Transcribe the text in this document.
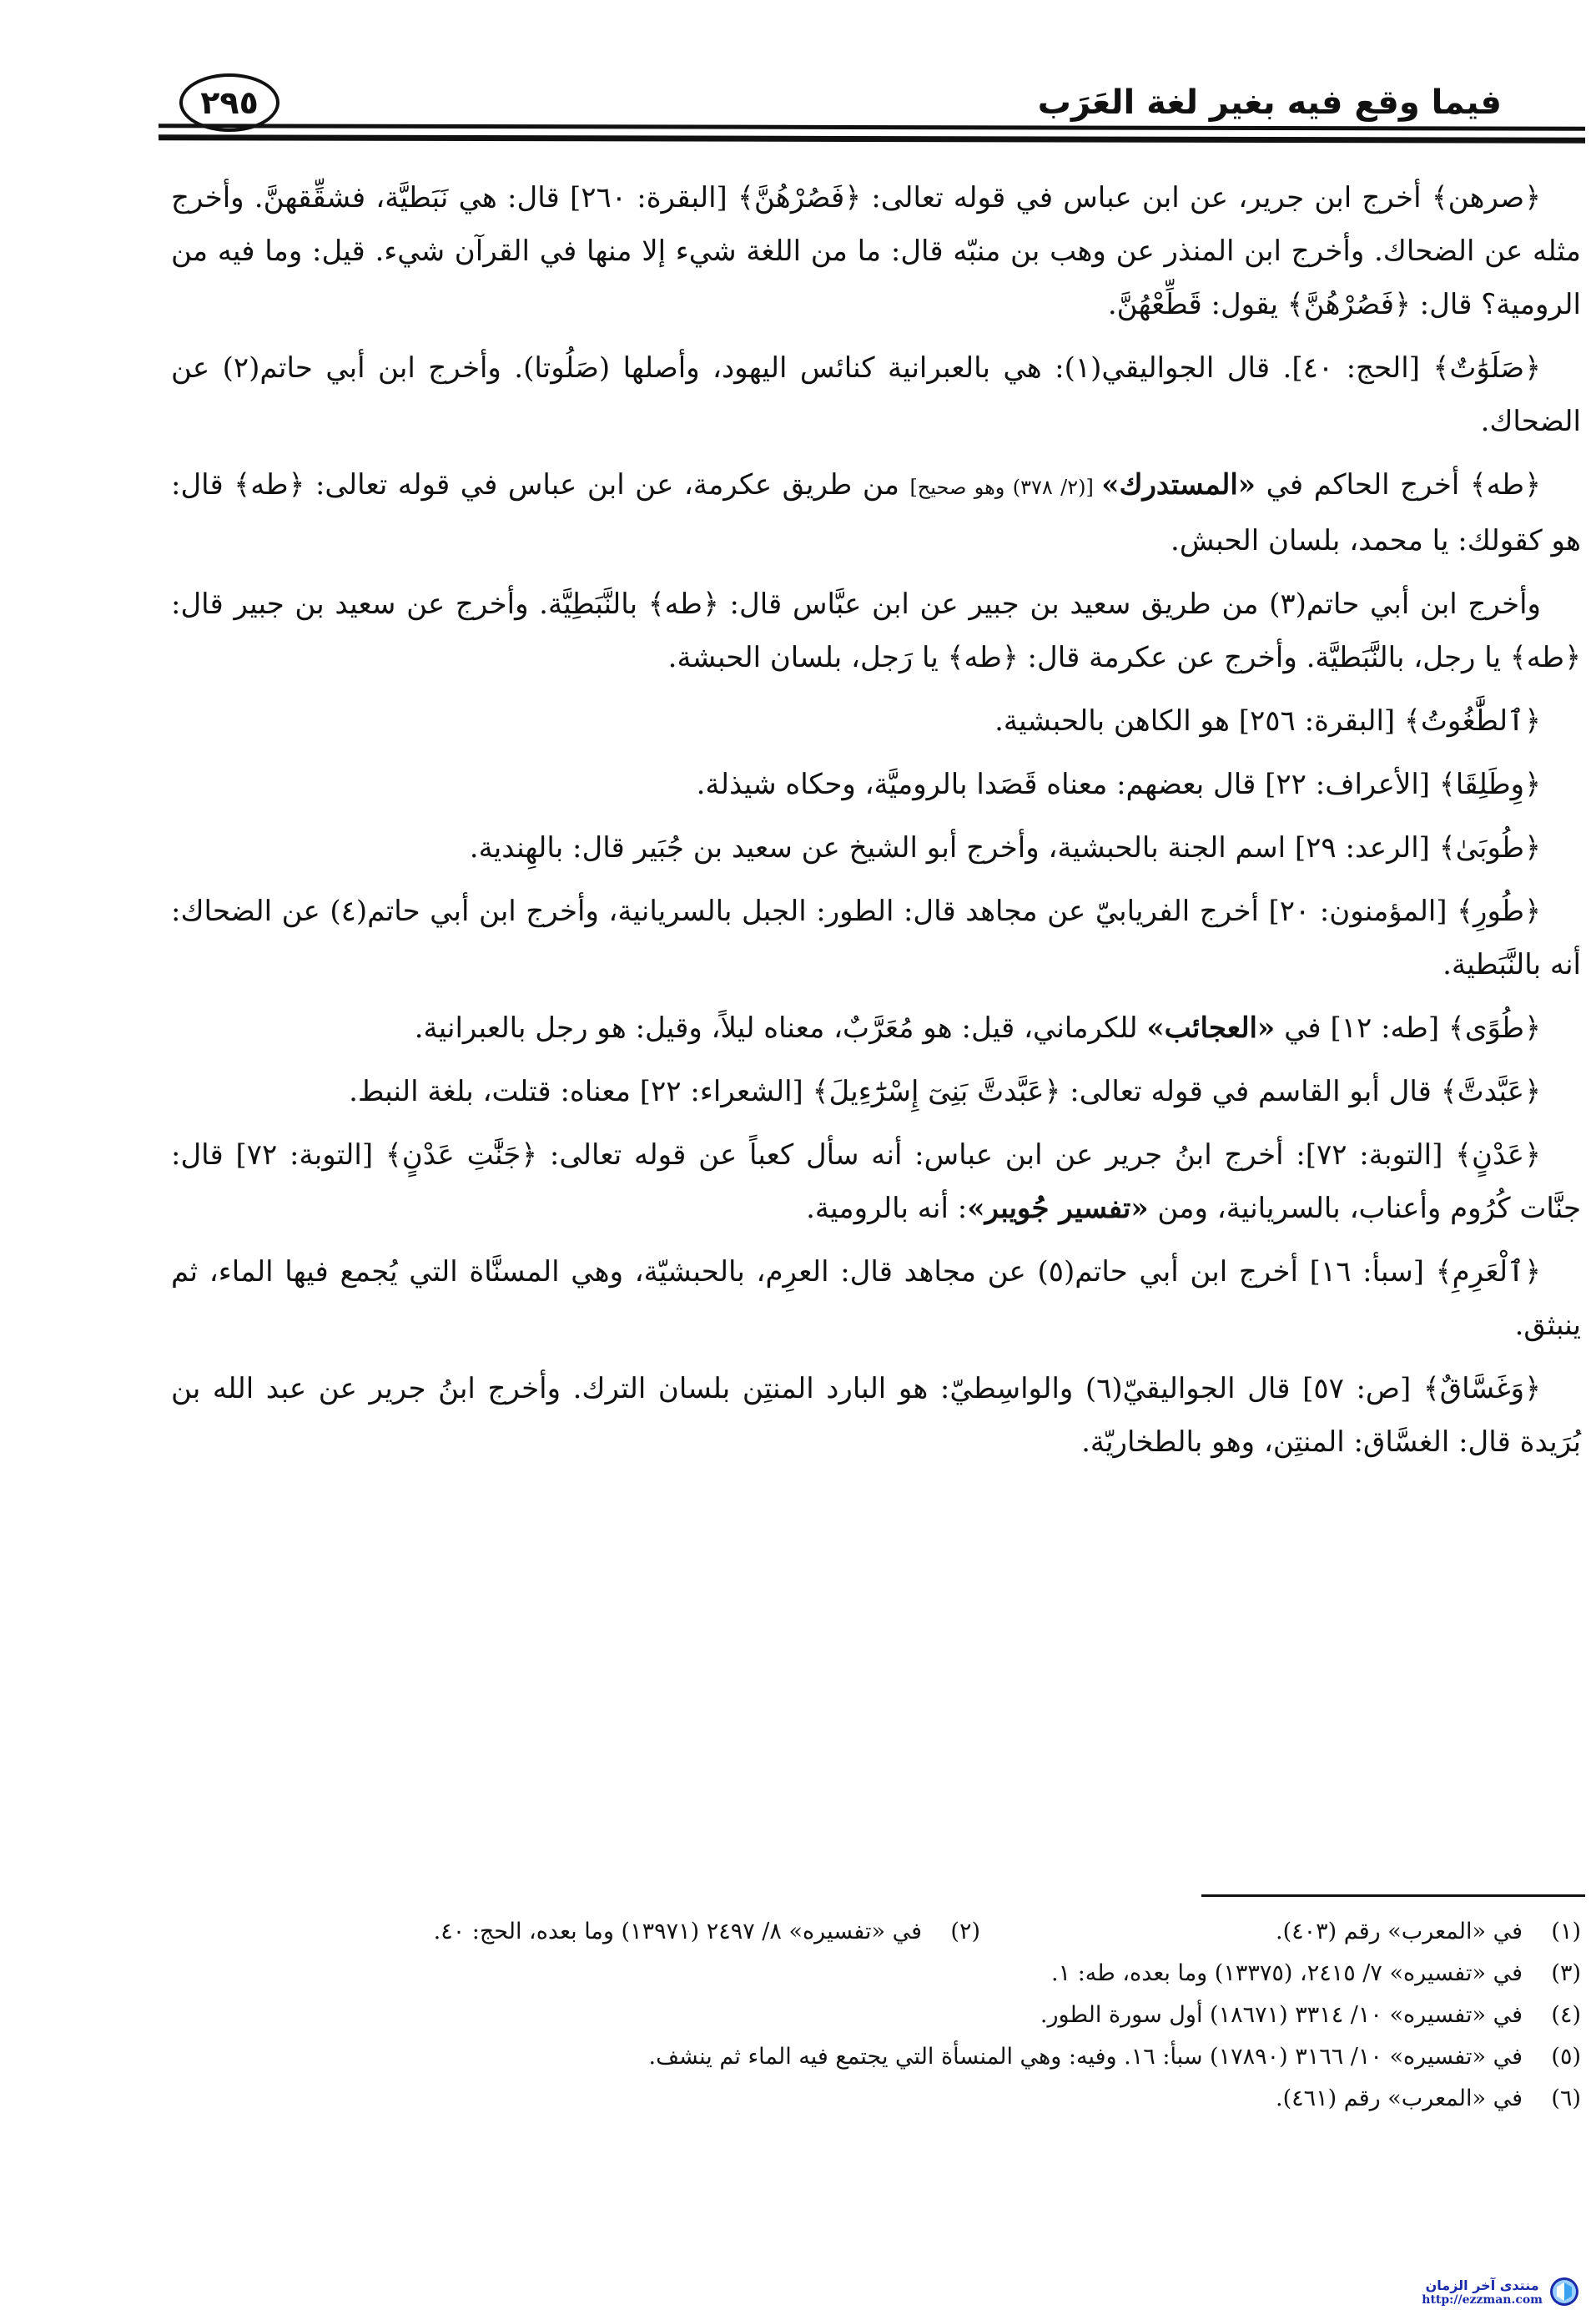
فيما وقع فيه بغير لغة العَرَب
٢٩٥

﴿صرهن﴾ أخرج ابن جرير، عن ابن عباس في قوله تعالى: ﴿فَصُرْهُنَّ﴾ [البقرة: ٢٦٠] قال: هي نَبَطيَّة، فشقِّقهنَّ. وأخرج مثله عن الضحاك. وأخرج ابن المنذر عن وهب بن منبّه قال: ما من اللغة شيء إلا منها في القرآن شيء. قيل: وما فيه من الرومية؟ قال: ﴿فَصُرْهُنَّ﴾ يقول: قَطِّعْهُنَّ.

﴿صَلَوَٰتٌ﴾ [الحج: ٤٠]. قال الجواليقي(١): هي بالعبرانية كنائس اليهود، وأصلها (صَلُوتا). وأخرج ابن أبي حاتم(٢) عن الضحاك.

﴿طه﴾ أخرج الحاكم في «المستدرك» [(٢/ ٣٧٨) وهو صحيح] من طريق عكرمة، عن ابن عباس في قوله تعالى: ﴿طه﴾ قال: هو كقولك: يا محمد، بلسان الحبش.

وأخرج ابن أبي حاتم(٣) من طريق سعيد بن جبير عن ابن عبَّاس قال: ﴿طه﴾ بالنَّبَطِيَّة. وأخرج عن سعيد بن جبير قال: ﴿طه﴾ يا رجل، بالنَّبَطيَّة. وأخرج عن عكرمة قال: ﴿طه﴾ يا رَجل، بلسان الحبشة.

﴿ٱلطَّٰغُوتُ﴾ [البقرة: ٢٥٦] هو الكاهن بالحبشية.

﴿وِطَلِقَا﴾ [الأعراف: ٢٢] قال بعضهم: معناه قَصَدا بالروميَّة، وحكاه شيذلة.

﴿طُوبَىٰ﴾ [الرعد: ٢٩] اسم الجنة بالحبشية، وأخرج أبو الشيخ عن سعيد بن جُبَير قال: بالهِندية.

﴿طُورِ﴾ [المؤمنون: ٢٠] أخرج الفريابيّ عن مجاهد قال: الطور: الجبل بالسريانية، وأخرج ابن أبي حاتم(٤) عن الضحاك: أنه بالنَّبَطية.

﴿طُوًى﴾ [طه: ١٢] في «العجائب» للكرماني، قيل: هو مُعَرَّبٌ، معناه ليلاً، وقيل: هو رجل بالعبرانية.

﴿عَبَّدتَّ﴾ قال أبو القاسم في قوله تعالى: ﴿عَبَّدتَّ بَنِىٓ إِسْرَٰٓءِيلَ﴾ [الشعراء: ٢٢] معناه: قتلت، بلغة النبط.

﴿عَدْنٍ﴾ [التوبة: ٧٢]: أخرج ابنُ جرير عن ابن عباس: أنه سأل كعباً عن قوله تعالى: ﴿جَنَّٰتِ عَدْنٍ﴾ [التوبة: ٧٢] قال: جنَّات كُرُوم وأعناب، بالسريانية، ومن «تفسير جُويبر»: أنه بالرومية.

﴿ٱلْعَرِمِ﴾ [سبأ: ١٦] أخرج ابن أبي حاتم(٥) عن مجاهد قال: العرِم، بالحبشيّة، وهي المسنَّاة التي يُجمع فيها الماء، ثم ينبثق.

﴿وَغَسَّاقٌ﴾ [ص: ٥٧] قال الجواليقيّ(٦) والواسِطيّ: هو البارد المنتِن بلسان الترك. وأخرج ابنُ جرير عن عبد الله بن بُرَيدة قال: الغسَّاق: المنتِن، وهو بالطخاريّة.

(١)
في «المعرب» رقم (٤٠٣).
(٢)
في «تفسيره» ٨/ ٢٤٩٧ (١٣٩٧١) وما بعده، الحج: ٤٠.
(٣)
في «تفسيره» ٧/ ٢٤١٥، (١٣٣٧٥) وما بعده، طه: ١.
(٤)
في «تفسيره» ١٠/ ٣٣١٤ (١٨٦٧١) أول سورة الطور.
(٥)
في «تفسيره» ١٠/ ٣١٦٦ (١٧٨٩٠) سبأ: ١٦. وفيه: وهي المنسأة التي يجتمع فيه الماء ثم ينشف.
(٦)
في «المعرب» رقم (٤٦١).
منتدى آخر الزمان
http://ezzman.com
